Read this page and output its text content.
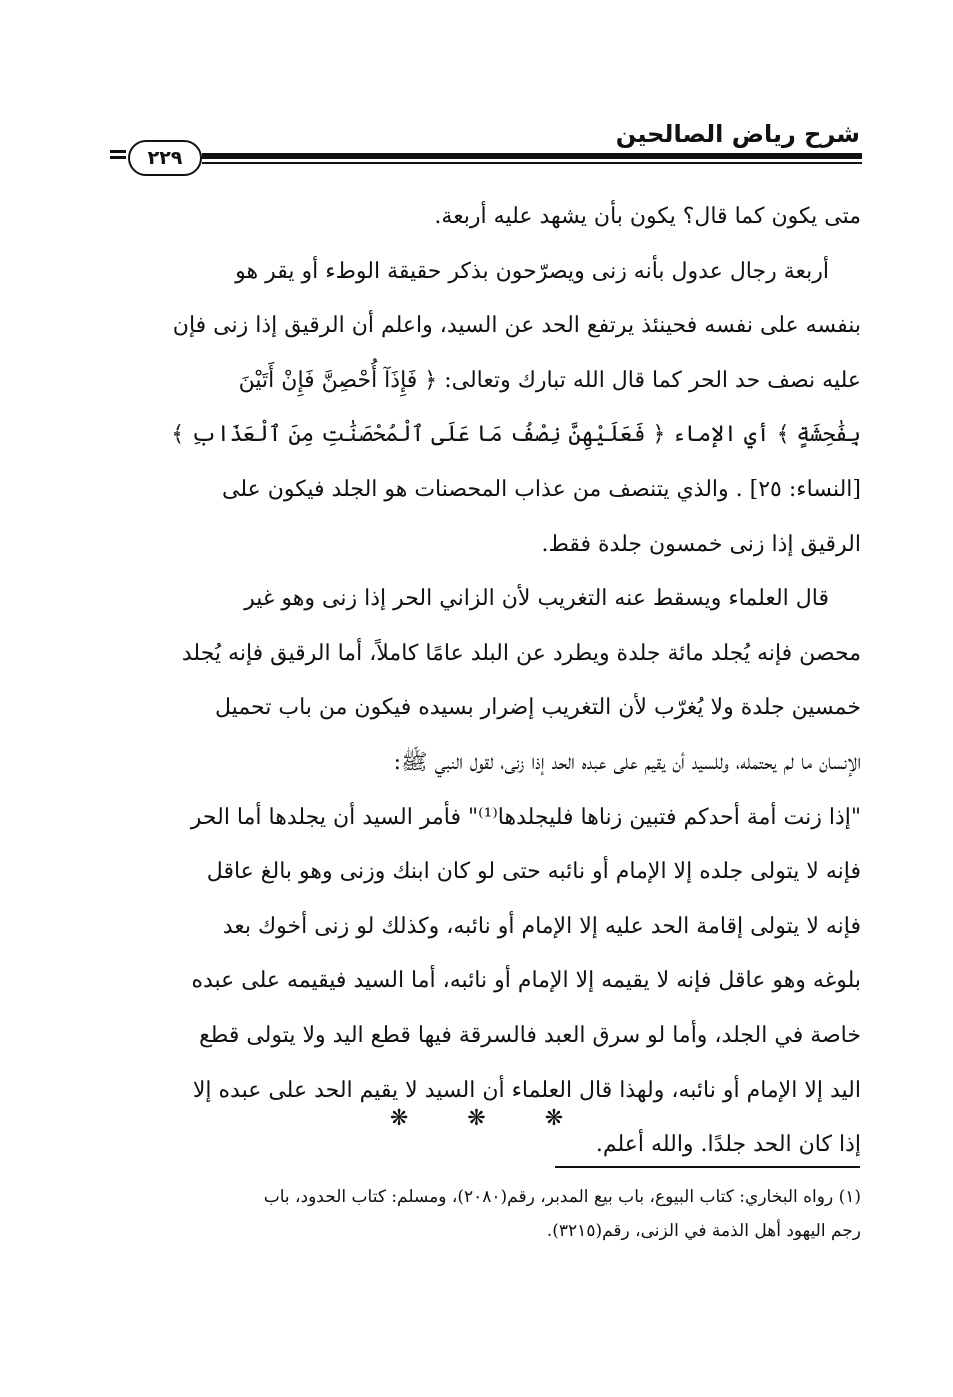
شرح رياض الصالحين
٢٢٩
متى يكون كما قال؟ يكون بأن يشهد عليه أربعة.
أربعة رجال عدول بأنه زنى ويصرّحون بذكر حقيقة الوطء أو يقر هو
بنفسه على نفسه فحينئذ يرتفع الحد عن السيد، واعلم أن الرقيق إذا زنى فإن
عليه نصف حد الحر كما قال الله تبارك وتعالى: ﴿ فَإِذَآ أُحْصِنَّ فَإِنْ أَتَيْنَ
بِفَٰحِشَةٍ ﴾ أي الإماء ﴿ فَعَلَيْهِنَّ نِصْفُ مَا عَلَى ٱلْمُحْصَنَٰتِ مِنَ ٱلْعَذَابِ ﴾
[النساء: ٢٥] . والذي يتنصف من عذاب المحصنات هو الجلد فيكون على
الرقيق إذا زنى خمسون جلدة فقط.
قال العلماء ويسقط عنه التغريب لأن الزاني الحر إذا زنى وهو غير
محصن فإنه يُجلد مائة جلدة ويطرد عن البلد عامًا كاملاً، أما الرقيق فإنه يُجلد
خمسين جلدة ولا يُغرّب لأن التغريب إضرار بسيده فيكون من باب تحميل
الإنسان ما لم يحتمله، وللسيد أن يقيم على عبده الحد إذا زنى، لقول النبي ﷺ:
"إذا زنت أمة أحدكم فتبين زناها فليجلدها⁽¹⁾" فأمر السيد أن يجلدها أما الحر
فإنه لا يتولى جلده إلا الإمام أو نائبه حتى لو كان ابنك وزنى وهو بالغ عاقل
فإنه لا يتولى إقامة الحد عليه إلا الإمام أو نائبه، وكذلك لو زنى أخوك بعد
بلوغه وهو عاقل فإنه لا يقيمه إلا الإمام أو نائبه، أما السيد فيقيمه على عبده
خاصة في الجلد، وأما لو سرق العبد فالسرقة فيها قطع اليد ولا يتولى قطع
اليد إلا الإمام أو نائبه، ولهذا قال العلماء أن السيد لا يقيم الحد على عبده إلا
إذا كان الحد جلدًا. والله أعلم.
❋ ❋ ❋
(١) رواه البخاري: كتاب البيوع، باب بيع المدبر، رقم(٢٠٨٠)، ومسلم: كتاب الحدود، باب
رجم اليهود أهل الذمة في الزنى، رقم(٣٢١٥).
